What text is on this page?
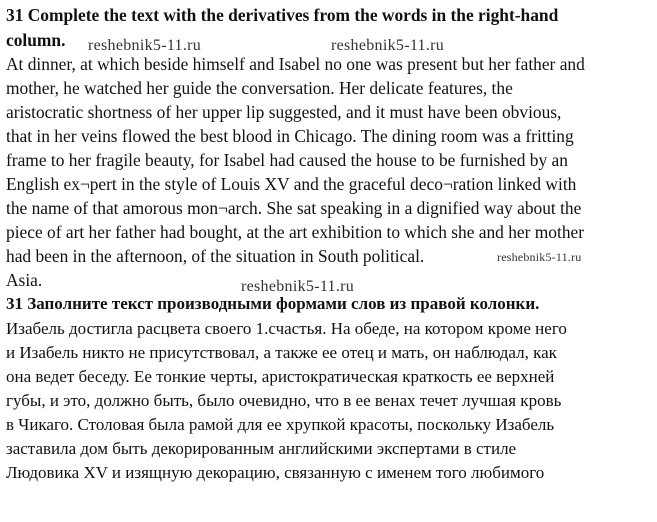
31 Complete the text with the derivatives from the words in the right-hand
column.
At dinner, at which beside himself and Isabel no one was present but her father and
mother, he watched her guide the conversation. Her delicate features, the
aristocratic shortness of her upper lip suggested, and it must have been obvious,
that in her veins flowed the best blood in Chicago. The dining room was a fritting
frame to her fragile beauty, for Isabel had caused the house to be furnished by an
English ex¬pert in the style of Louis XV and the graceful deco¬ration linked with
the name of that amorous mon¬arch. She sat speaking in a dignified way about the
piece of art her father had bought, at the art exhibition to which she and her mother
had been in the afternoon, of the situation in South political.
Asia.
31 Заполните текст производными формами слов из правой колонки.
Изабель достигла расцвета своего 1.счастья. На обеде, на котором кроме него
и Изабель никто не присутствовал, а также ее отец и мать, он наблюдал, как
она ведет беседу. Ее тонкие черты, аристократическая краткость ее верхней
губы, и это, должно быть, было очевидно, что в ее венах течет лучшая кровь
в Чикаго. Столовая была рамой для ее хрупкой красоты, поскольку Изабель
заставила дом быть декорированным английскими экспертами в стиле
Людовика XV и изящную декорацию, связанную с именем того любимого
reshebnik5-11.ru	reshebnik5-11.ru
reshebnik5-11.ru
reshebnik5-11.ru
